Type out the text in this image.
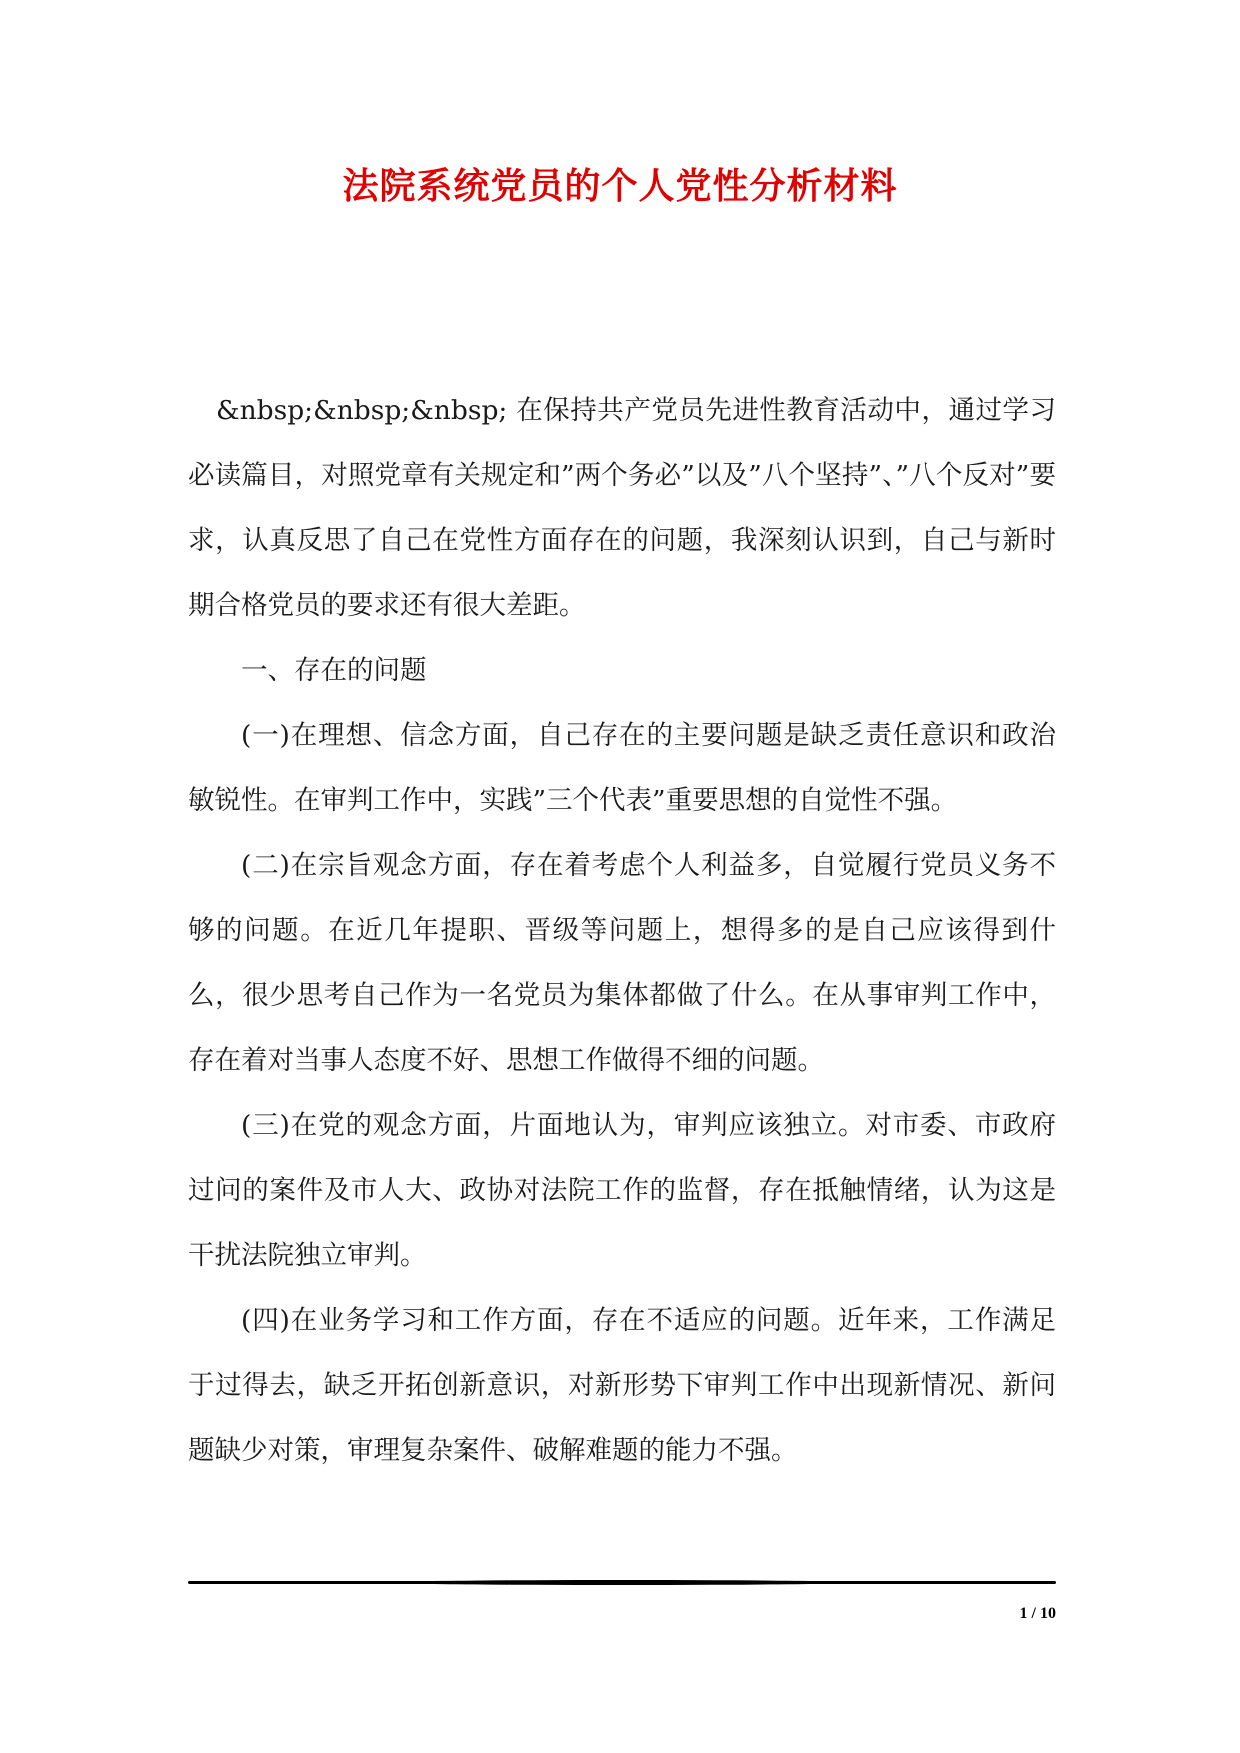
法院系统党员的个人党性分析材料

&nbsp;&nbsp;&nbsp; 在保持共产党员先进性教育活动中，通过学习必读篇目，对照党章有关规定和”两个务必”以及”八个坚持”、”八个反对”要求，认真反思了自己在党性方面存在的问题，我深刻认识到，自己与新时期合格党员的要求还有很大差距。

一、存在的问题

(一)在理想、信念方面，自己存在的主要问题是缺乏责任意识和政治敏锐性。在审判工作中，实践”三个代表”重要思想的自觉性不强。

(二)在宗旨观念方面，存在着考虑个人利益多，自觉履行党员义务不够的问题。在近几年提职、晋级等问题上，想得多的是自己应该得到什么，很少思考自己作为一名党员为集体都做了什么。在从事审判工作中，存在着对当事人态度不好、思想工作做得不细的问题。

(三)在党的观念方面，片面地认为，审判应该独立。对市委、市政府过问的案件及市人大、政协对法院工作的监督，存在抵触情绪，认为这是干扰法院独立审判。

(四)在业务学习和工作方面，存在不适应的问题。近年来，工作满足于过得去，缺乏开拓创新意识，对新形势下审判工作中出现新情况、新问题缺少对策，审理复杂案件、破解难题的能力不强。

1 / 10
